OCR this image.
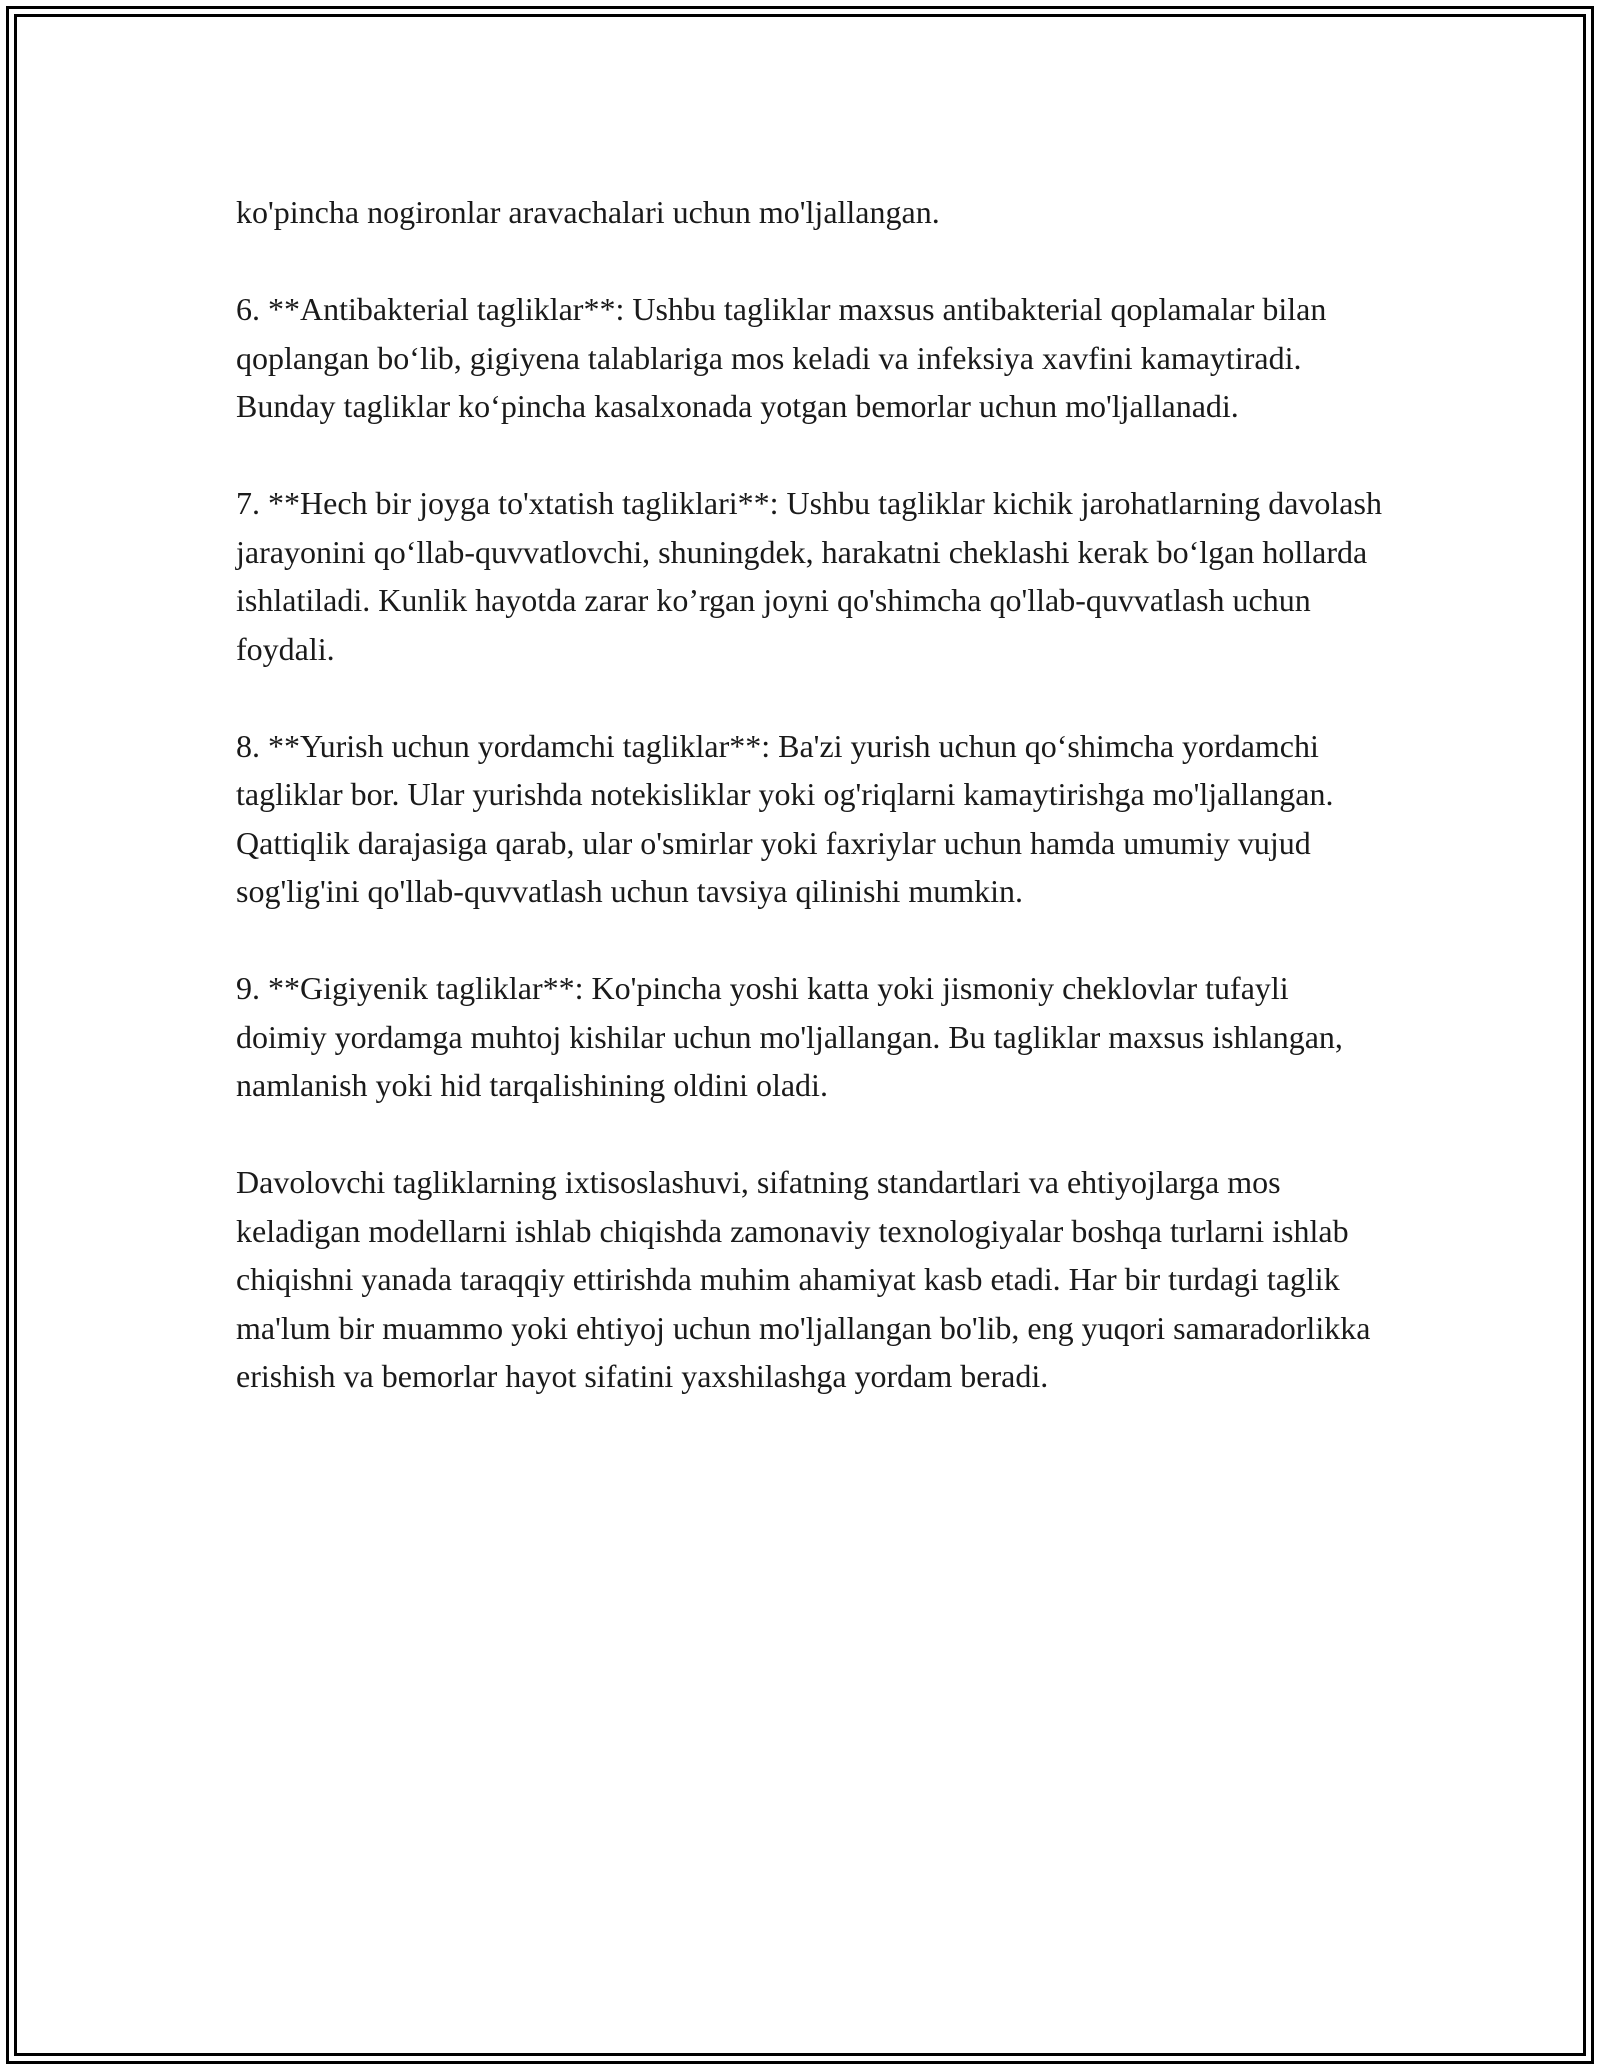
ko'pincha nogironlar aravachalari uchun mo'ljallangan.

6. **Antibakterial tagliklar**: Ushbu tagliklar maxsus antibakterial qoplamalar bilan qoplangan bo‘lib, gigiyena talablariga mos keladi va infeksiya xavfini kamaytiradi. Bunday tagliklar ko‘pincha kasalxonada yotgan bemorlar uchun mo'ljallanadi.

7. **Hech bir joyga to'xtatish tagliklari**: Ushbu tagliklar kichik jarohatlarning davolash jarayonini qo‘llab-quvvatlovchi, shuningdek, harakatni cheklashi kerak bo‘lgan hollarda ishlatiladi. Kunlik hayotda zarar ko’rgan joyni qo'shimcha qo'llab-quvvatlash uchun foydali.

8. **Yurish uchun yordamchi tagliklar**: Ba'zi yurish uchun qo‘shimcha yordamchi tagliklar bor. Ular yurishda notekisliklar yoki og'riqlarni kamaytirishga mo'ljallangan. Qattiqlik darajasiga qarab, ular o'smirlar yoki faxriylar uchun hamda umumiy vujud sog'lig'ini qo'llab-quvvatlash uchun tavsiya qilinishi mumkin.

9. **Gigiyenik tagliklar**: Ko'pincha yoshi katta yoki jismoniy cheklovlar tufayli doimiy yordamga muhtoj kishilar uchun mo'ljallangan. Bu tagliklar maxsus ishlangan, namlanish yoki hid tarqalishining oldini oladi.

Davolovchi tagliklarning ixtisoslashuvi, sifatning standartlari va ehtiyojlarga mos keladigan modellarni ishlab chiqishda zamonaviy texnologiyalar boshqa turlarni ishlab chiqishni yanada taraqqiy ettirishda muhim ahamiyat kasb etadi. Har bir turdagi taglik ma'lum bir muammo yoki ehtiyoj uchun mo'ljallangan bo'lib, eng yuqori samaradorlikka erishish va bemorlar hayot sifatini yaxshilashga yordam beradi.
